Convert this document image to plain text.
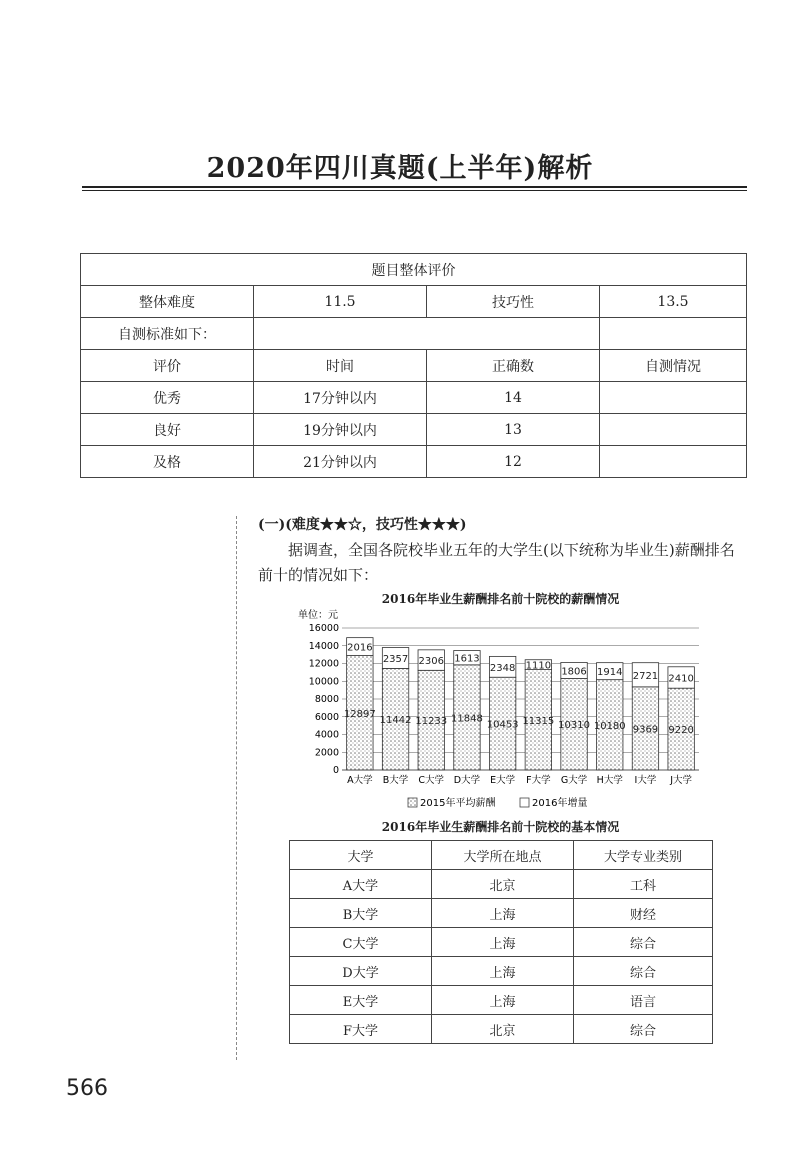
2020年四川真题(上半年)解析
题目整体评价			
整体难度	11.5	技巧性	13.5
自测标准如下：			
评价	时间	正确数	自测情况
优秀	17分钟以内	14	
良好	19分钟以内	13	
及格	21分钟以内	12	
(一)(难度★★☆，技巧性★★★)
据调查，全国各院校毕业五年的大学生(以下统称为毕业生)薪酬排名前十的情况如下：
2016年毕业生薪酬排名前十院校的薪酬情况
单位：元
0
2000
4000
6000
8000
10000
12000
14000
16000
12897
2016
11442
2357
11233
2306
11848
1613
10453
2348
11315
1110
10310
1806
10180
1914
9369
2721
9220
2410
A大学 B大学 C大学 D大学 E大学 F大学 G大学 H大学 I大学 J大学
2015年平均薪酬	2016年增量
2016年毕业生薪酬排名前十院校的基本情况
大学	大学所在地点	大学专业类别
A大学	北京	工科
B大学	上海	财经
C大学	上海	综合
D大学	上海	综合
E大学	上海	语言
F大学	北京	综合
566
